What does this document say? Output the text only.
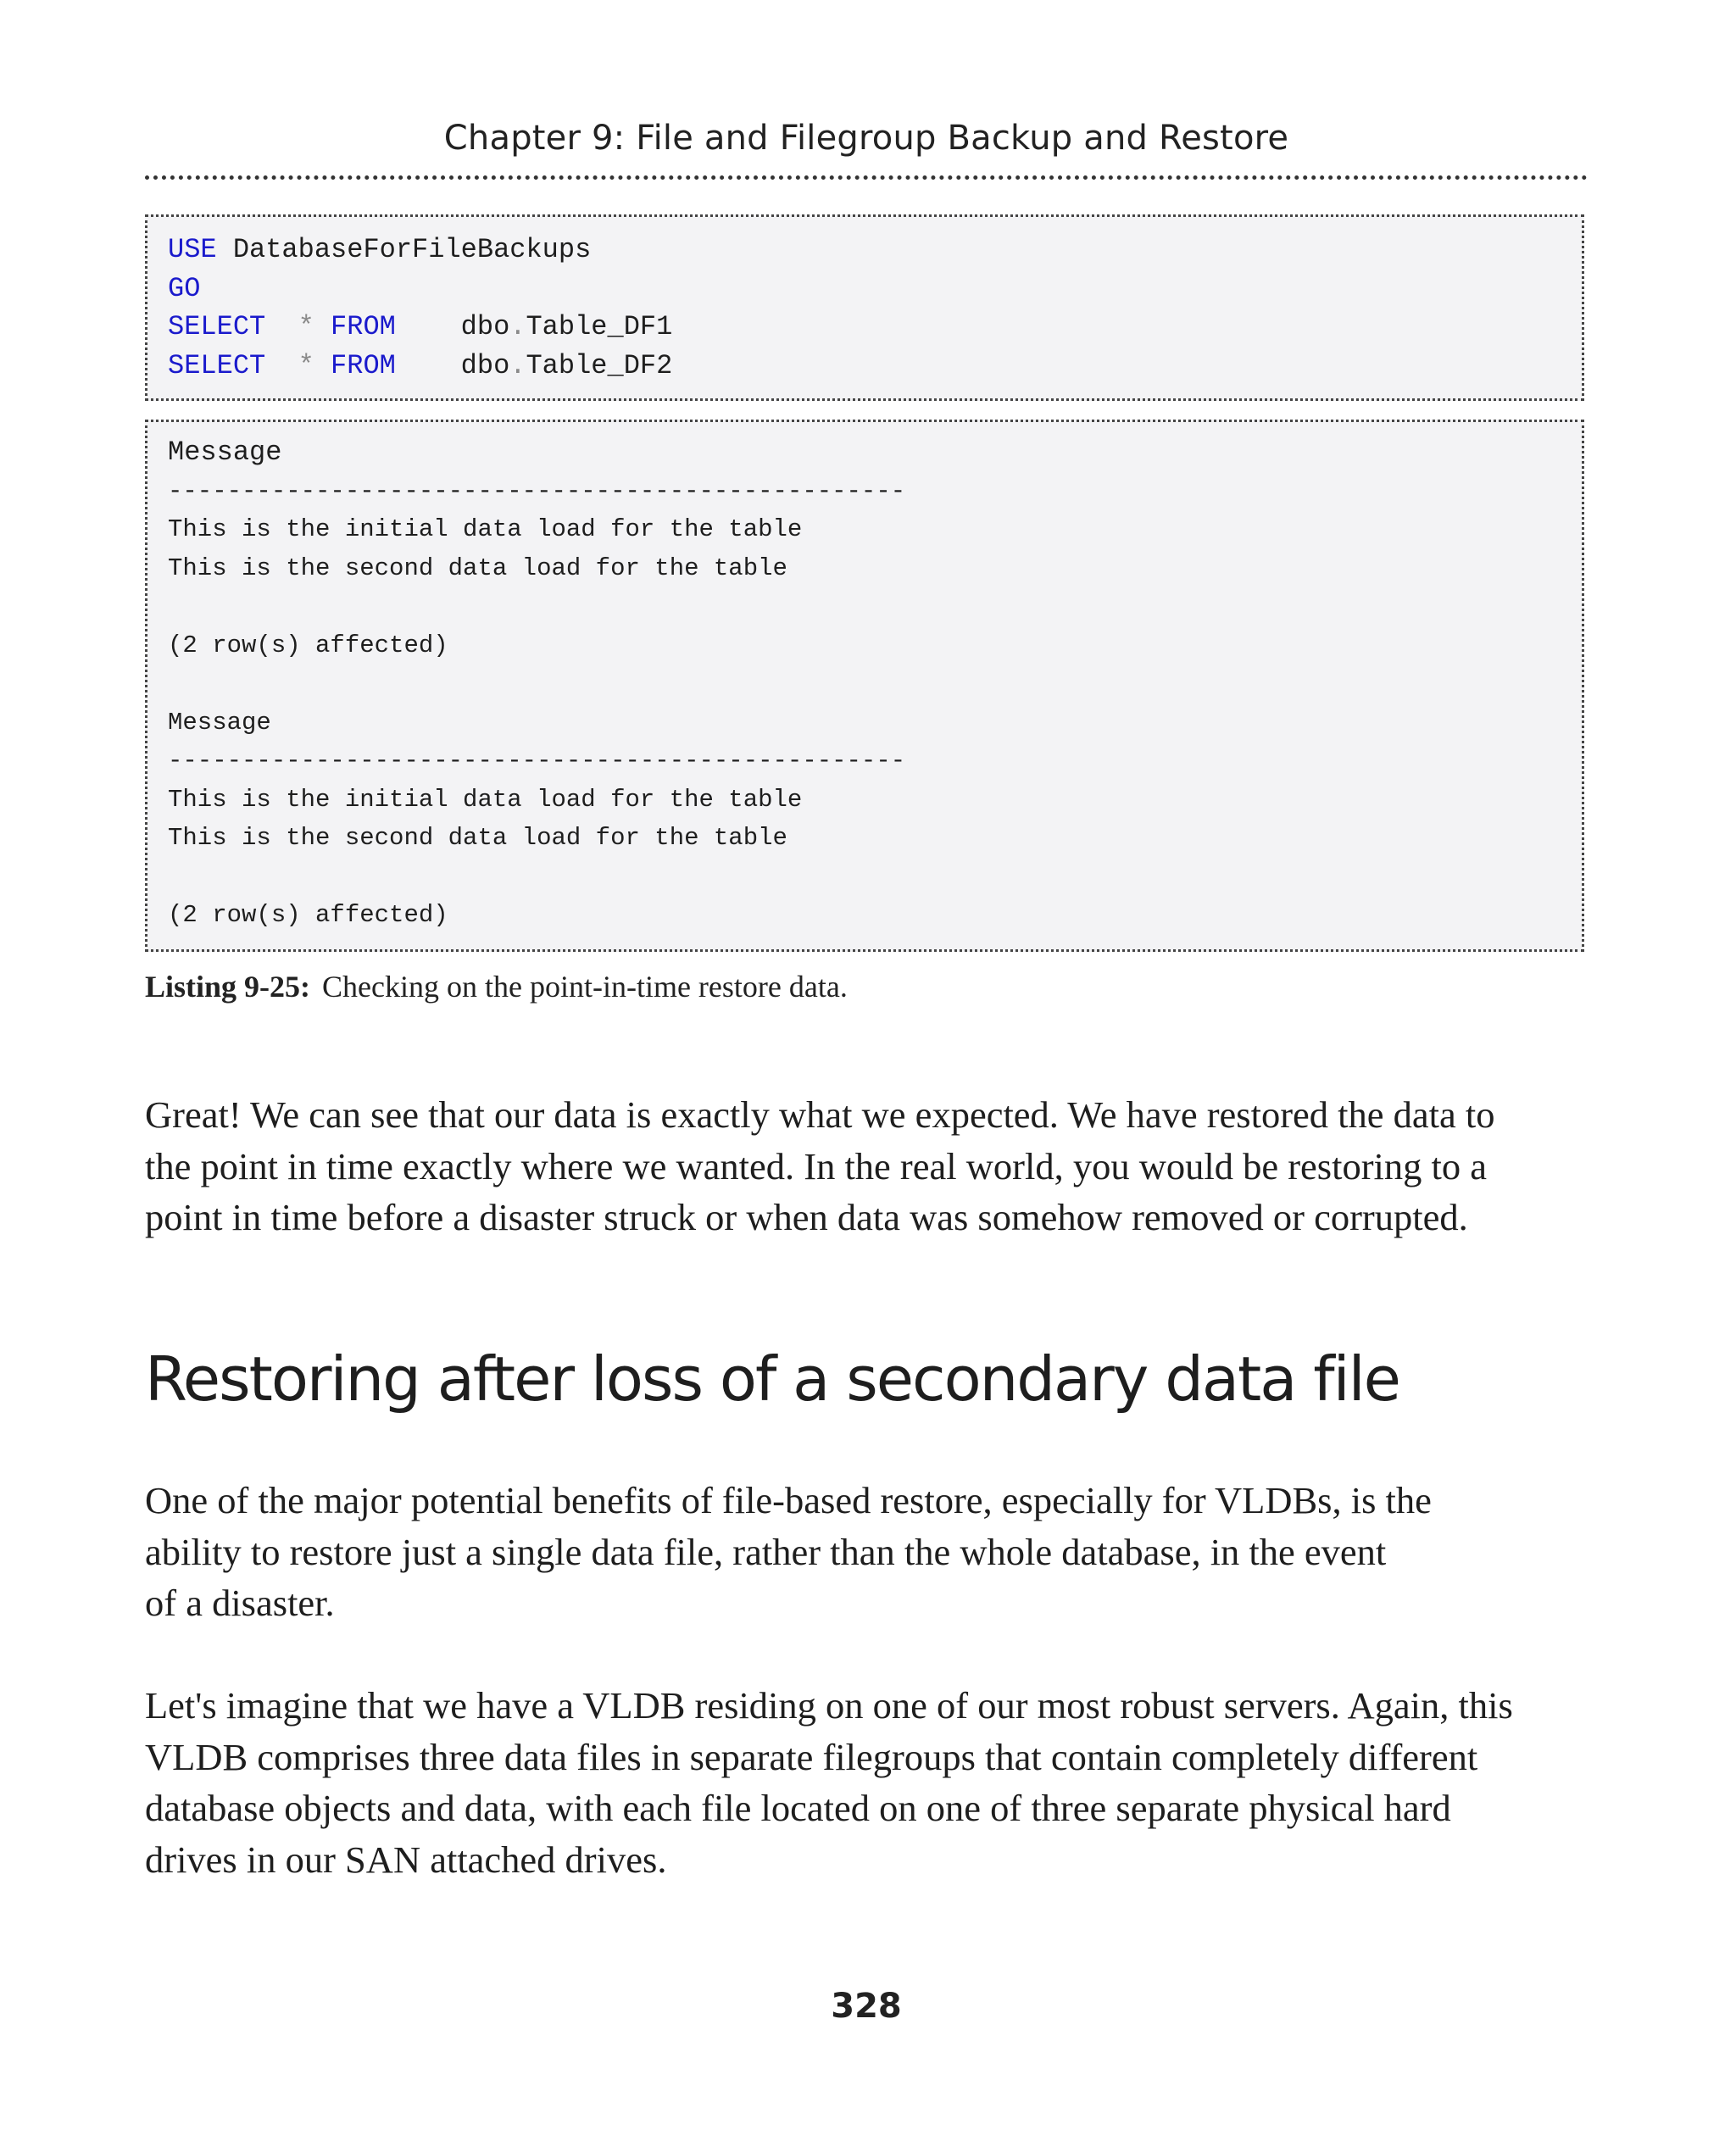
Chapter 9: File and Filegroup Backup and Restore
USE DatabaseForFileBackups
GO
SELECT * FROM dbo.Table_DF1
SELECT * FROM dbo.Table_DF2
Message
--------------------------------------------------
This is the initial data load for the table
This is the second data load for the table
(2 row(s) affected)
Message
--------------------------------------------------
This is the initial data load for the table
This is the second data load for the table
(2 row(s) affected)
Listing 9-25: Checking on the point-in-time restore data.
Great! We can see that our data is exactly what we expected. We have restored the data to
the point in time exactly where we wanted. In the real world, you would be restoring to a
point in time before a disaster struck or when data was somehow removed or corrupted.
Restoring after loss of a secondary data file
One of the major potential benefits of file-based restore, especially for VLDBs, is the
ability to restore just a single data file, rather than the whole database, in the event
of a disaster.
Let's imagine that we have a VLDB residing on one of our most robust servers. Again, this
VLDB comprises three data files in separate filegroups that contain completely different
database objects and data, with each file located on one of three separate physical hard
drives in our SAN attached drives.
328
